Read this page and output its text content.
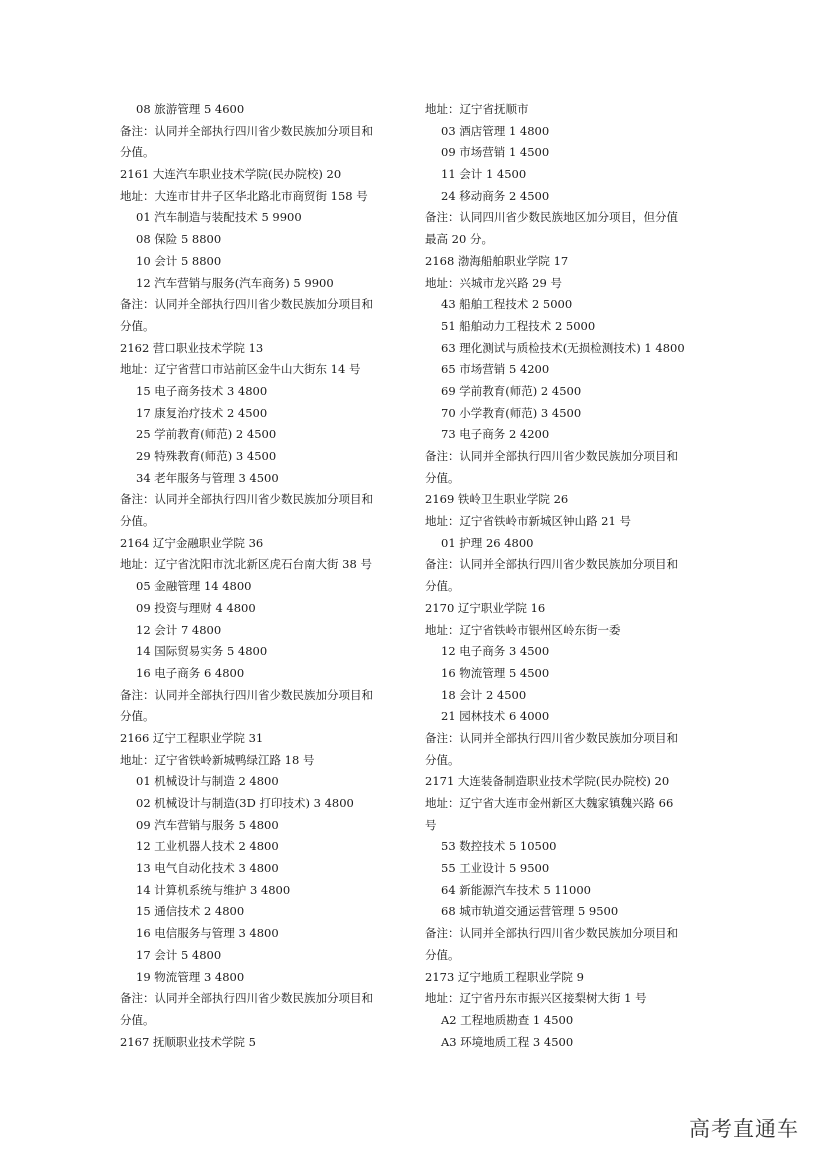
08 旅游管理 5 4600
备注：认同并全部执行四川省少数民族加分项目和
分值。
2161 大连汽车职业技术学院(民办院校) 20
地址：大连市甘井子区华北路北市商贸街 158 号
01 汽车制造与装配技术 5 9900
08 保险 5 8800
10 会计 5 8800
12 汽车营销与服务(汽车商务) 5 9900
备注：认同并全部执行四川省少数民族加分项目和
分值。
2162 营口职业技术学院 13
地址：辽宁省营口市站前区金牛山大街东 14 号
15 电子商务技术 3 4800
17 康复治疗技术 2 4500
25 学前教育(师范) 2 4500
29 特殊教育(师范) 3 4500
34 老年服务与管理 3 4500
备注：认同并全部执行四川省少数民族加分项目和
分值。
2164 辽宁金融职业学院 36
地址：辽宁省沈阳市沈北新区虎石台南大街 38 号
05 金融管理 14 4800
09 投资与理财 4 4800
12 会计 7 4800
14 国际贸易实务 5 4800
16 电子商务 6 4800
备注：认同并全部执行四川省少数民族加分项目和
分值。
2166 辽宁工程职业学院 31
地址：辽宁省铁岭新城鸭绿江路 18 号
01 机械设计与制造 2 4800
02 机械设计与制造(3D 打印技术) 3 4800
09 汽车营销与服务 5 4800
12 工业机器人技术 2 4800
13 电气自动化技术 3 4800
14 计算机系统与维护 3 4800
15 通信技术 2 4800
16 电信服务与管理 3 4800
17 会计 5 4800
19 物流管理 3 4800
备注：认同并全部执行四川省少数民族加分项目和
分值。
2167 抚顺职业技术学院 5
地址：辽宁省抚顺市
03 酒店管理 1 4800
09 市场营销 1 4500
11 会计 1 4500
24 移动商务 2 4500
备注：认同四川省少数民族地区加分项目，但分值
最高 20 分。
2168 渤海船舶职业学院 17
地址：兴城市龙兴路 29 号
43 船舶工程技术 2 5000
51 船舶动力工程技术 2 5000
63 理化测试与质检技术(无损检测技术) 1 4800
65 市场营销 5 4200
69 学前教育(师范) 2 4500
70 小学教育(师范) 3 4500
73 电子商务 2 4200
备注：认同并全部执行四川省少数民族加分项目和
分值。
2169 铁岭卫生职业学院 26
地址：辽宁省铁岭市新城区钟山路 21 号
01 护理 26 4800
备注：认同并全部执行四川省少数民族加分项目和
分值。
2170 辽宁职业学院 16
地址：辽宁省铁岭市银州区岭东街一委
12 电子商务 3 4500
16 物流管理 5 4500
18 会计 2 4500
21 园林技术 6 4000
备注：认同并全部执行四川省少数民族加分项目和
分值。
2171 大连装备制造职业技术学院(民办院校) 20
地址：辽宁省大连市金州新区大魏家镇魏兴路 66
号
53 数控技术 5 10500
55 工业设计 5 9500
64 新能源汽车技术 5 11000
68 城市轨道交通运营管理 5 9500
备注：认同并全部执行四川省少数民族加分项目和
分值。
2173 辽宁地质工程职业学院 9
地址：辽宁省丹东市振兴区接梨树大街 1 号
A2 工程地质勘查 1 4500
A3 环境地质工程 3 4500
高考直通车
